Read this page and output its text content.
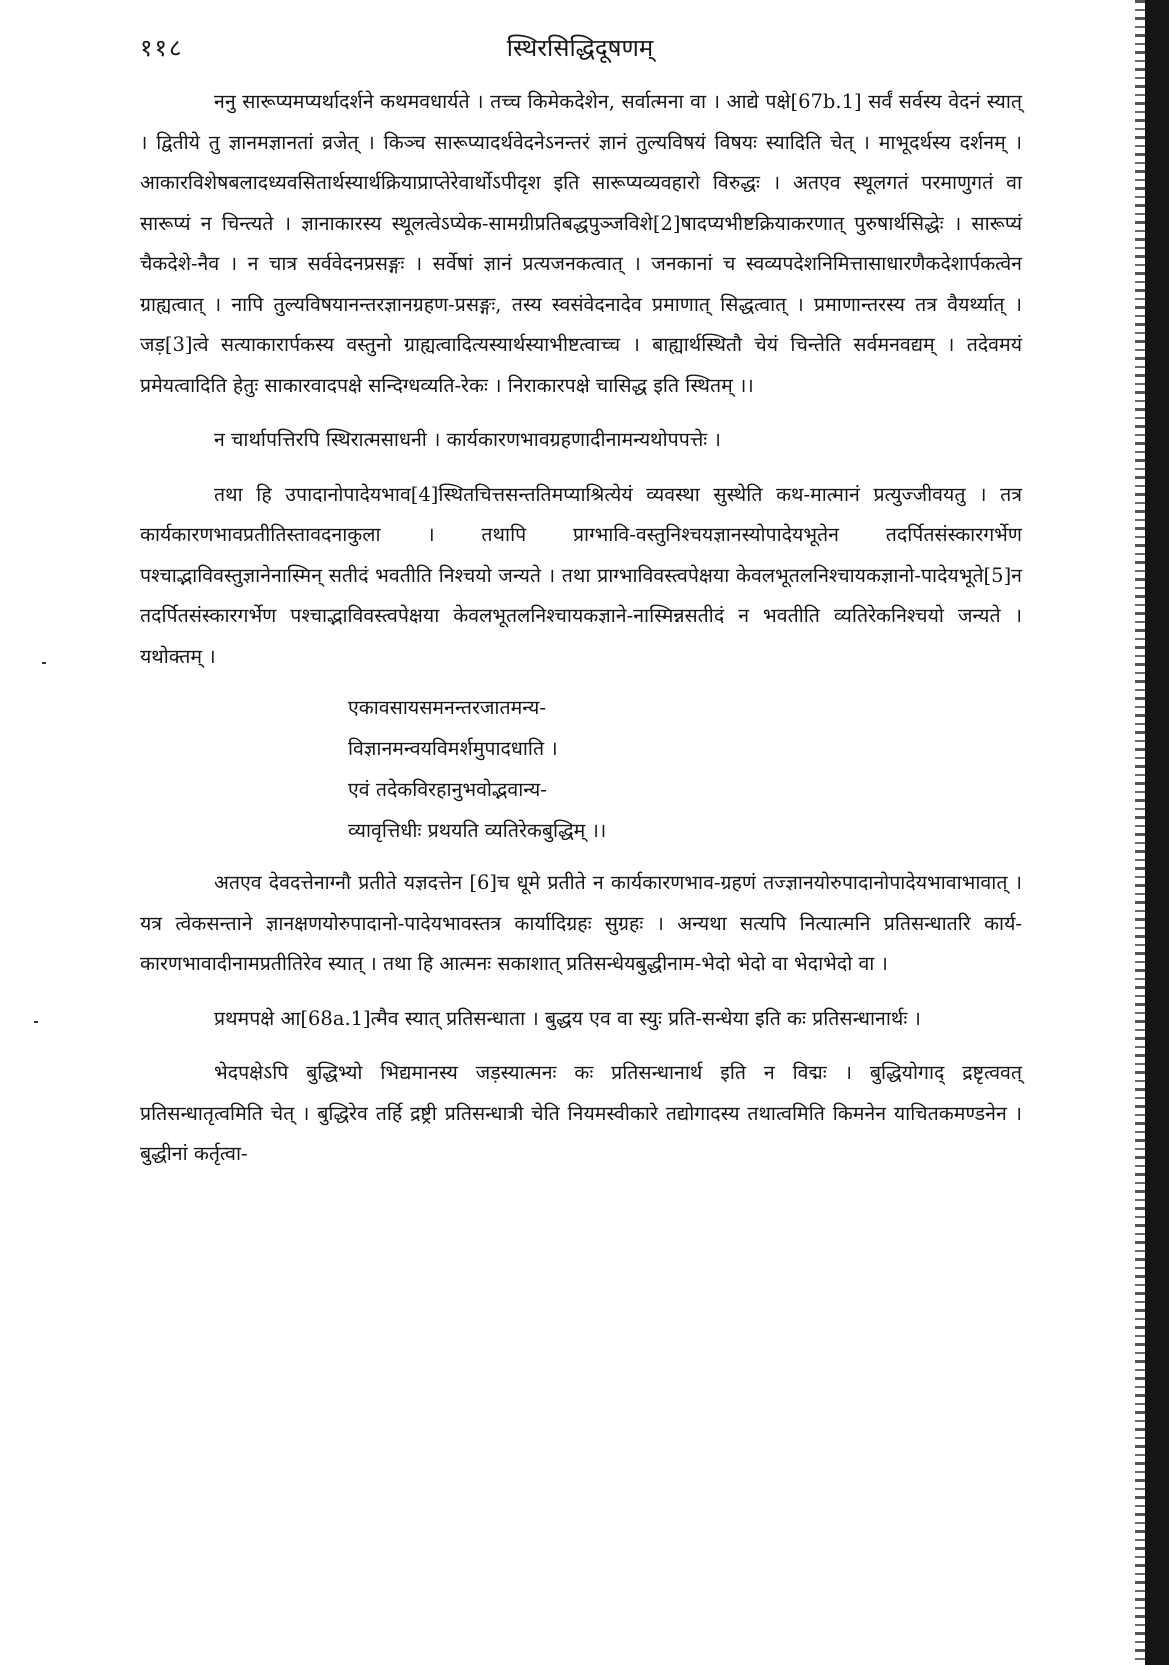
११८	स्थिरसिद्धिदूषणम्

ननु सारूप्यमप्यर्थादर्शने कथमवधार्यते । तच्च किमेकदेशेन, सर्वात्मना वा । आद्ये पक्षे[67b.1] सर्वं सर्वस्य वेदनं स्यात् । द्वितीये तु ज्ञानमज्ञानतां व्रजेत् । किञ्च सारूप्यादर्थवेदनेऽनन्तरं ज्ञानं तुल्यविषयं विषयः स्यादिति चेत् । माभूदर्थस्य दर्शनम् । आकारविशेषबलादध्यवसितार्थस्यार्थक्रियाप्राप्तेरेवार्थोऽपीदृश इति सारूप्यव्यवहारो विरुद्धः । अतएव स्थूलगतं परमाणुगतं वा सारूप्यं न चिन्त्यते । ज्ञानाकारस्य स्थूलत्वेऽप्येक-सामग्रीप्रतिबद्धपुञ्जविशे[2]षादप्यभीष्टक्रियाकरणात् पुरुषार्थसिद्धेः । सारूप्यं चैकदेशे-नैव । न चात्र सर्ववेदनप्रसङ्गः । सर्वेषां ज्ञानं प्रत्यजनकत्वात् । जनकानां च स्वव्यपदेशनिमित्तासाधारणैकदेशार्पकत्वेन ग्राह्यत्वात् । नापि तुल्यविषयानन्तरज्ञानग्रहण-प्रसङ्गः, तस्य स्वसंवेदनादेव प्रमाणात् सिद्धत्वात् । प्रमाणान्तरस्य तत्र वैयर्थ्यात् । जड़[3]त्वे सत्याकारार्पकस्य वस्तुनो ग्राह्यत्वादित्यस्यार्थस्याभीष्टत्वाच्च । बाह्यार्थस्थितौ चेयं चिन्तेति सर्वमनवद्यम् । तदेवमयं प्रमेयत्वादिति हेतुः साकारवादपक्षे सन्दिग्धव्यति-रेकः । निराकारपक्षे चासिद्ध इति स्थितम् ।।

न चार्थापत्तिरपि स्थिरात्मसाधनी । कार्यकारणभावग्रहणादीनामन्यथोपपत्तेः ।

तथा हि उपादानोपादेयभाव[4]स्थितचित्तसन्ततिमप्याश्रित्येयं व्यवस्था सुस्थेति कथ-मात्मानं प्रत्युज्जीवयतु । तत्र कार्यकारणभावप्रतीतिस्तावदनाकुला । तथापि प्राग्भावि-वस्तुनिश्चयज्ञानस्योपादेयभूतेन तदर्पितसंस्कारगर्भेण पश्चाद्भाविवस्तुज्ञानेनास्मिन् सतीदं भवतीति निश्चयो जन्यते । तथा प्राग्भाविवस्त्वपेक्षया केवलभूतलनिश्चायकज्ञानो-पादेयभूते[5]न तदर्पितसंस्कारगर्भेण पश्चाद्भाविवस्त्वपेक्षया केवलभूतलनिश्चायकज्ञाने-नास्मिन्नसतीदं न भवतीति व्यतिरेकनिश्चयो जन्यते । यथोक्तम् ।

एकावसायसमनन्तरजातमन्य-
विज्ञानमन्वयविमर्शमुपादधाति ।
एवं तदेकविरहानुभवोद्भवान्य-
व्यावृत्तिधीः प्रथयति व्यतिरेकबुद्धिम् ।।

अतएव देवदत्तेनाग्नौ प्रतीते यज्ञदत्तेन [6]च धूमे प्रतीते न कार्यकारणभाव-ग्रहणं तज्ज्ञानयोरुपादानोपादेयभावाभावात् । यत्र त्वेकसन्ताने ज्ञानक्षणयोरुपादानो-पादेयभावस्तत्र कार्यादिग्रहः सुग्रहः । अन्यथा सत्यपि नित्यात्मनि प्रतिसन्धातरि कार्य-कारणभावादीनामप्रतीतिरेव स्यात् । तथा हि आत्मनः सकाशात् प्रतिसन्धेयबुद्धीनाम-भेदो भेदो वा भेदाभेदो वा ।

प्रथमपक्षे आ[68a.1]त्मैव स्यात् प्रतिसन्धाता । बुद्धय एव वा स्युः प्रति-सन्धेया इति कः प्रतिसन्धानार्थः ।

भेदपक्षेऽपि बुद्धिभ्यो भिद्यमानस्य जड़स्यात्मनः कः प्रतिसन्धानार्थ इति न विद्मः । बुद्धियोगाद् द्रष्टृत्ववत् प्रतिसन्धातृत्वमिति चेत् । बुद्धिरेव तर्हि द्रष्ट्री प्रतिसन्धात्री चेति नियमस्वीकारे तद्योगादस्य तथात्वमिति किमनेन याचितकमण्डनेन । बुद्धीनां कर्तृत्वा-
